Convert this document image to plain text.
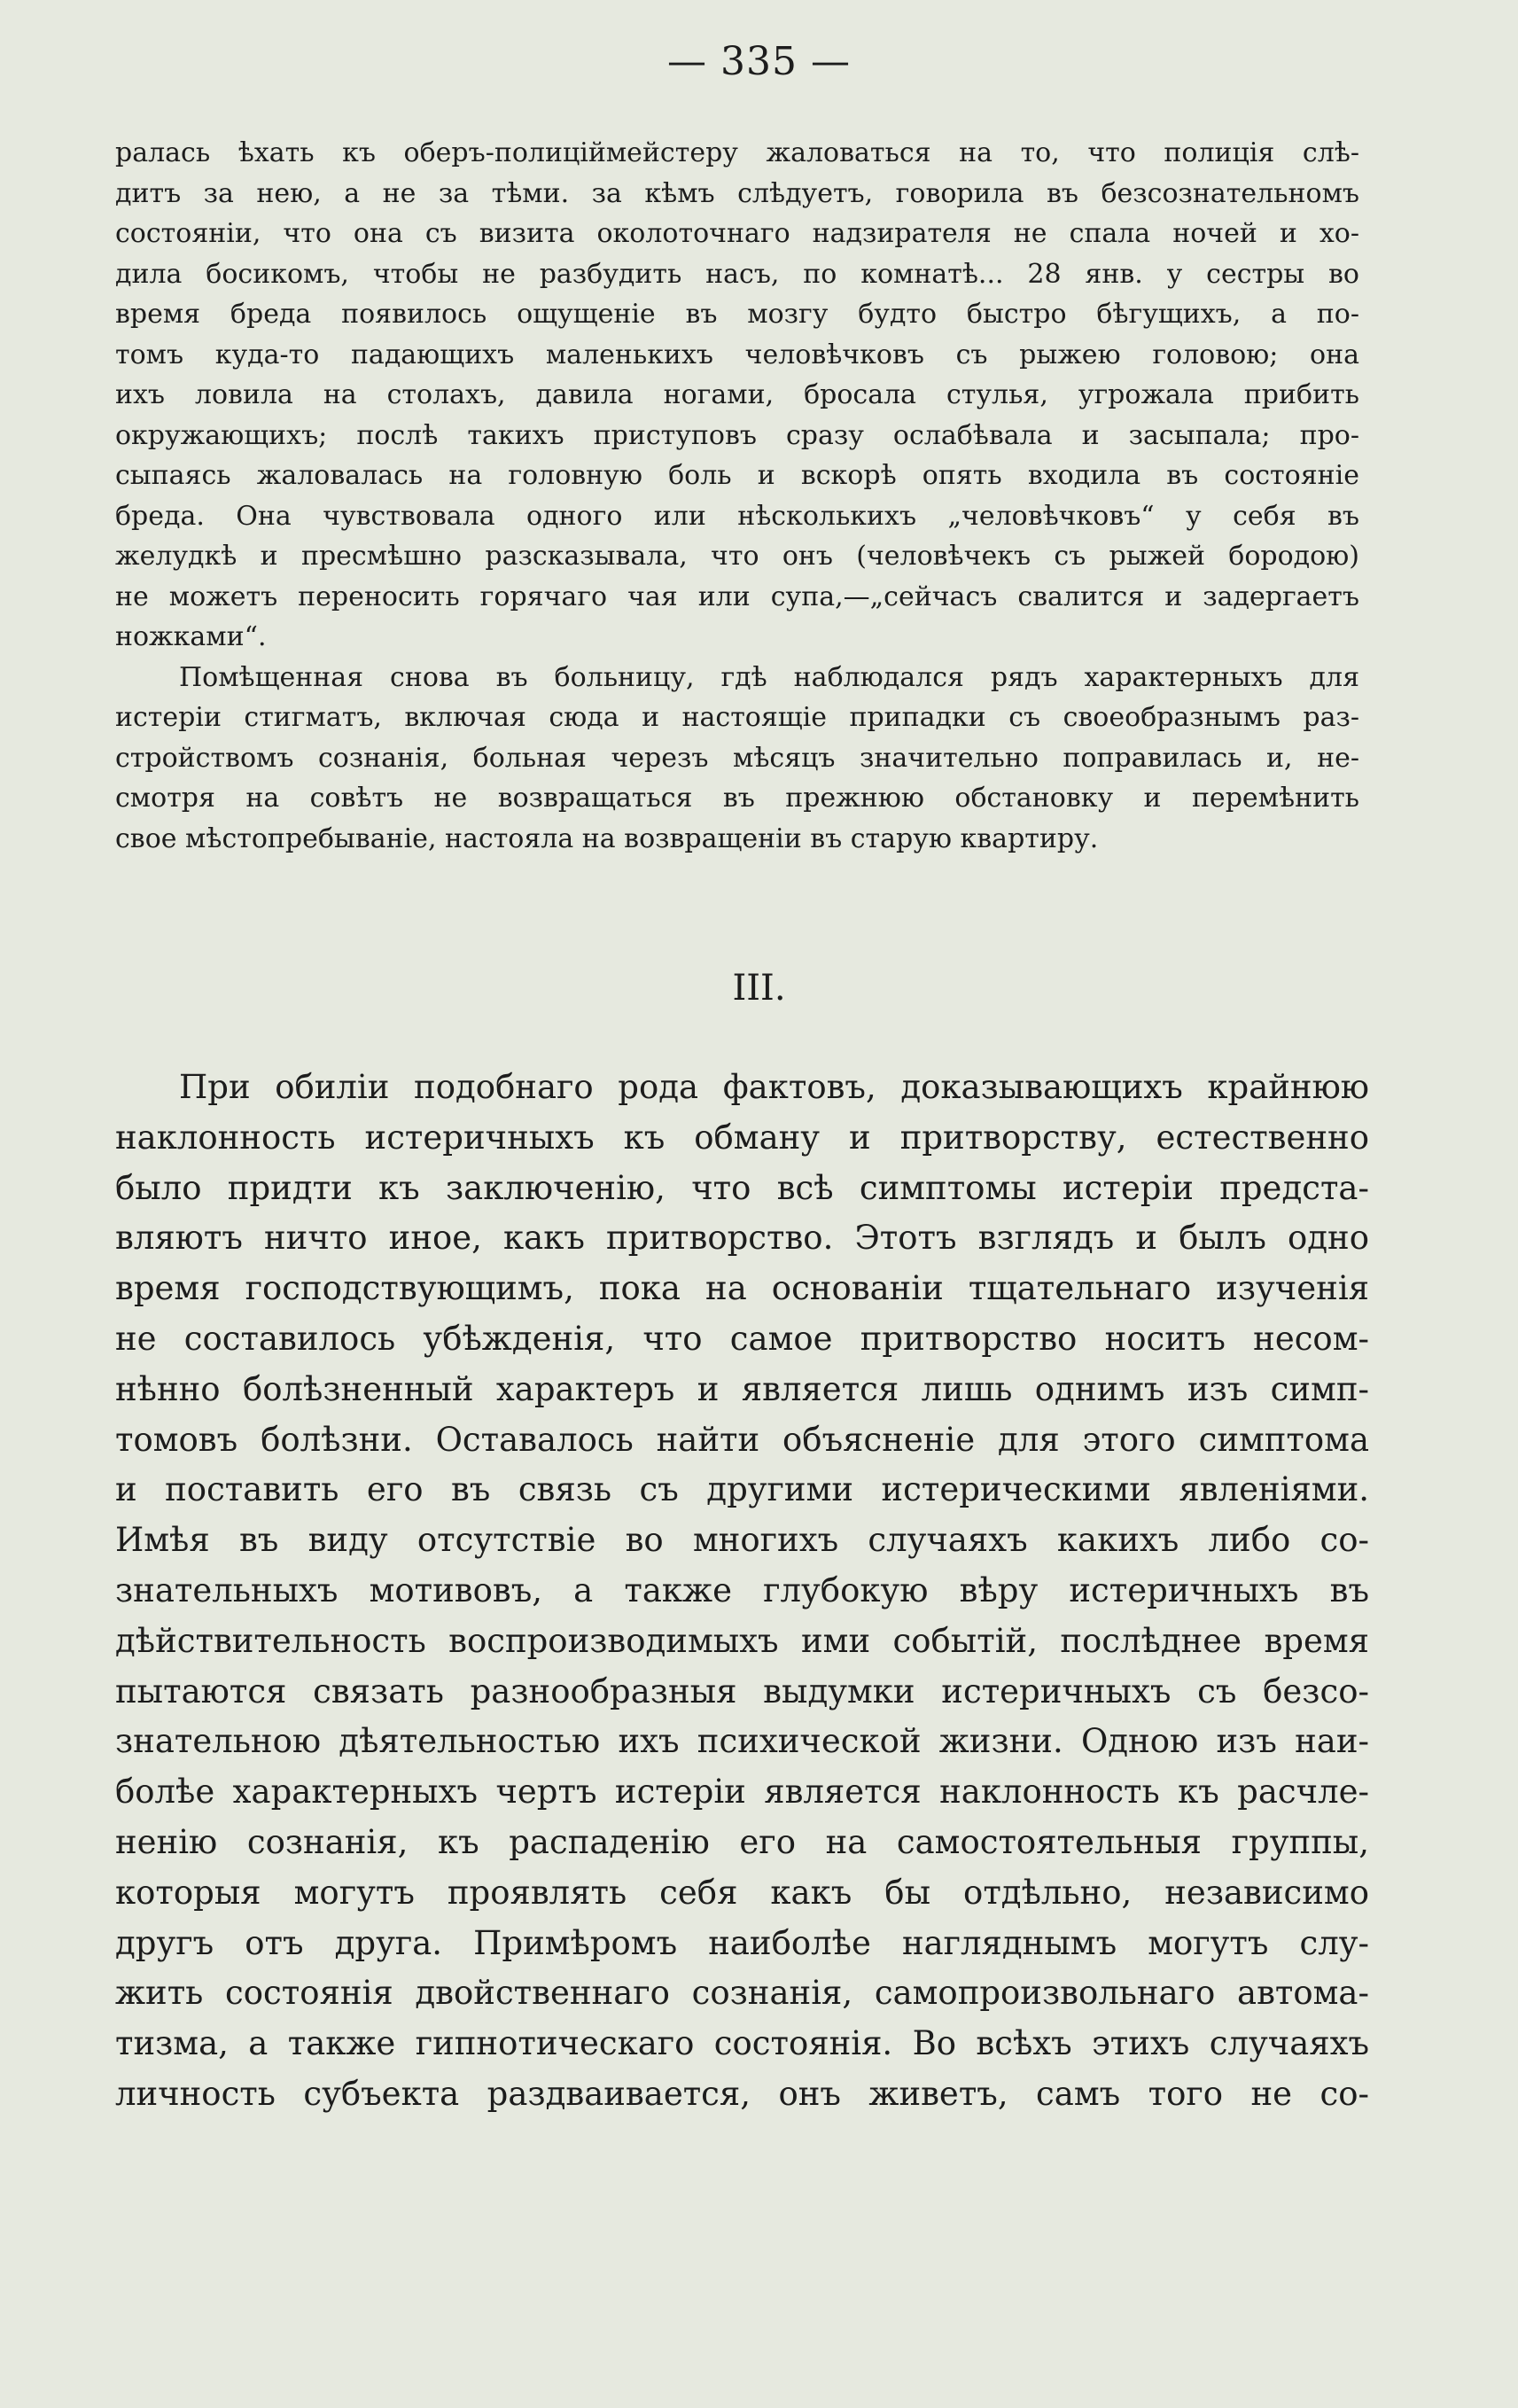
— 335 —
ралась ѣхать къ оберъ-полицiймейстеру жаловаться на то, что полицiя слѣ-
дитъ за нею, а не за тѣми. за кѣмъ слѣдуетъ, говорила въ безсознательномъ
состоянiи, что она съ визита околоточнаго надзирателя не спала ночей и хо-
дила босикомъ, чтобы не разбудить насъ, по комнатѣ... 28 янв. у сестры во
время бреда появилось ощущенiе въ мозгу будто быстро бѣгущихъ, а по-
томъ куда-то падающихъ маленькихъ человѣчковъ съ рыжею головою; она
ихъ ловила на столахъ, давила ногами, бросала стулья, угрожала прибить
окружающихъ; послѣ такихъ приступовъ сразу ослабѣвала и засыпала; про-
сыпаясь жаловалась на головную боль и вскорѣ опять входила въ состоянiе
бреда. Она чувствовала одного или нѣсколькихъ „человѣчковъ“ у себя въ
желудкѣ и пресмѣшно разсказывала, что онъ (человѣчекъ съ рыжей бородою)
не можетъ переносить горячаго чая или супа,—„сейчасъ свалится и задергаетъ
ножками“.
Помѣщенная снова въ больницу, гдѣ наблюдался рядъ характерныхъ для
истерiи стигматъ, включая сюда и настоящiе припадки съ своеобразнымъ раз-
стройствомъ сознанiя, больная черезъ мѣсяцъ значительно поправилась и, не-
смотря на совѣтъ не возвращаться въ прежнюю обстановку и перемѣнить
свое мѣстопребыванiе, настояла на возвращенiи въ старую квартиру.
III.
При обилiи подобнаго рода фактовъ, доказывающихъ крайнюю
наклонность истеричныхъ къ обману и притворству, естественно
было придти къ заключенiю, что всѣ симптомы истерiи предста-
вляютъ ничто иное, какъ притворство. Этотъ взглядъ и былъ одно
время господствующимъ, пока на основанiи тщательнаго изученiя
не составилось убѣжденiя, что самое притворство носитъ несом-
нѣнно болѣзненный характеръ и является лишь однимъ изъ симп-
томовъ болѣзни. Оставалось найти объясненiе для этого симптома
и поставить его въ связь съ другими истерическими явленiями.
Имѣя въ виду отсутствiе во многихъ случаяхъ какихъ либо со-
знательныхъ мотивовъ, а также глубокую вѣру истеричныхъ въ
дѣйствительность воспроизводимыхъ ими событiй, послѣднее время
пытаются связать разнообразныя выдумки истеричныхъ съ безсо-
знательною дѣятельностью ихъ психической жизни. Одною изъ наи-
болѣе характерныхъ чертъ истерiи является наклонность къ расчле-
ненiю сознанiя, къ распаденiю его на самостоятельныя группы,
которыя могутъ проявлять себя какъ бы отдѣльно, независимо
другъ отъ друга. Примѣромъ наиболѣе нагляднымъ могутъ слу-
жить состоянiя двойственнаго сознанiя, самопроизвольнаго автома-
тизма, а также гипнотическаго состоянiя. Во всѣхъ этихъ случаяхъ
личность субъекта раздваивается, онъ живетъ, самъ того не со-
